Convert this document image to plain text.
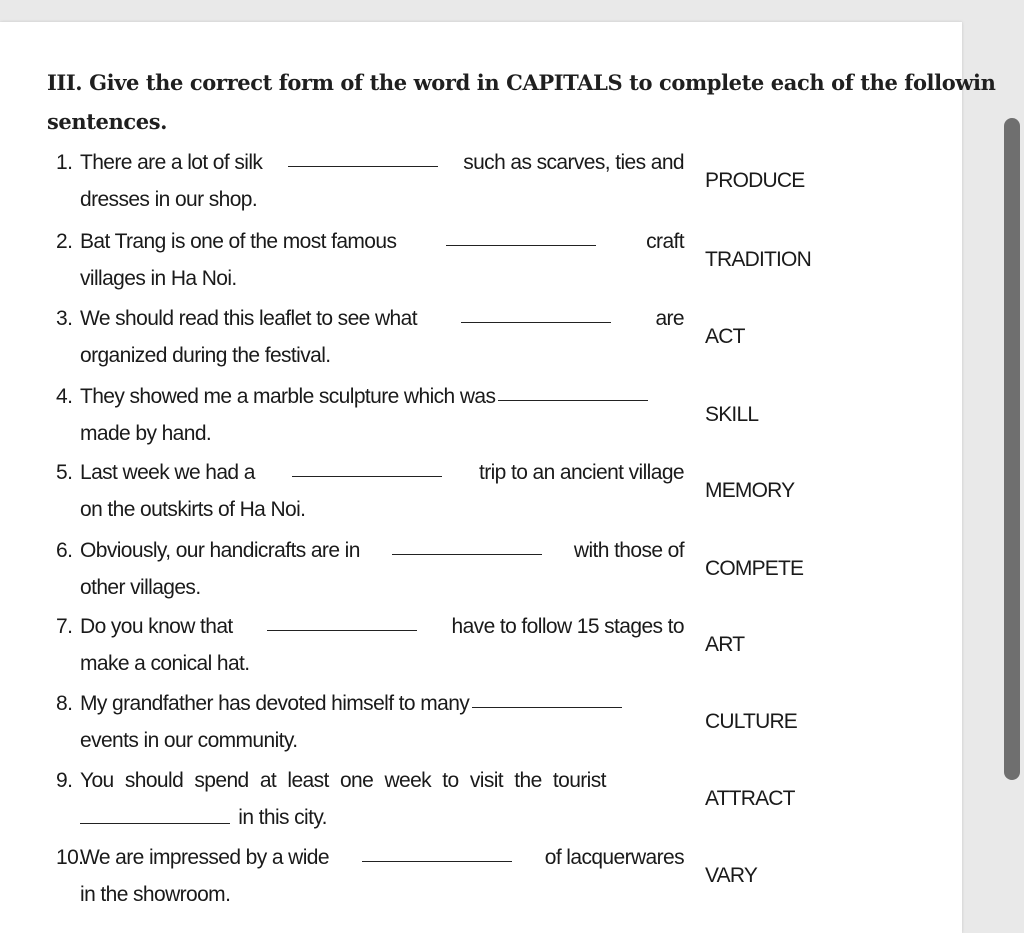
III. Give the correct form of the word in CAPITALS to complete each of the followin
sentences.
1. There are a lot of silk	such as scarves, ties and
dresses in our shop.
PRODUCE
2. Bat Trang is one of the most famous	craft
villages in Ha Noi.
TRADITION
3. We should read this leaflet to see what	are
organized during the festival.
ACT
4. They showed me a marble sculpture which was
made by hand.
SKILL
5. Last week we had a	trip to an ancient village
on the outskirts of Ha Noi.
MEMORY
6. Obviously, our handicrafts are in	with those of
other villages.
COMPETE
7. Do you know that	have to follow 15 stages to
make a conical hat.
ART
8. My grandfather has devoted himself to many
events in our community.
CULTURE
9. You should spend at least one week to visit the tourist
in this city.
ATTRACT
10.
We are impressed by a wide	of lacquerwares
in the showroom.
VARY
